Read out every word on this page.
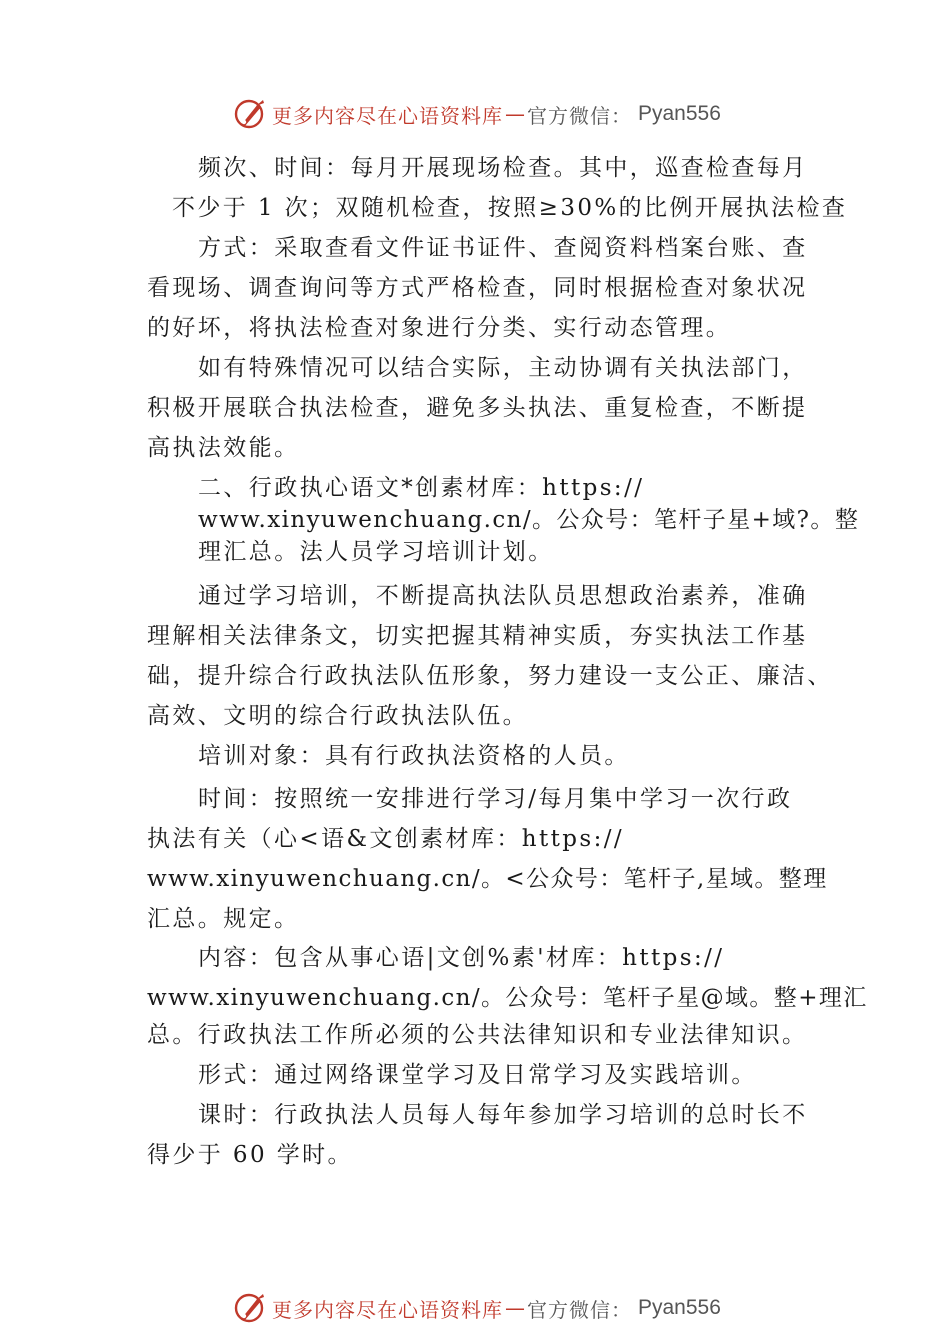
更多内容尽在心语资料库 — 官方微信： Pyan556
频次、时间：每月开展现场检查。其中，巡查检查每月
不少于 1 次；双随机检查，按照≥30%的比例开展执法检查
方式：采取查看文件证书证件、查阅资料档案台账、查
看现场、调查询问等方式严格检查，同时根据检查对象状况
的好坏，将执法检查对象进行分类、实行动态管理。
如有特殊情况可以结合实际，主动协调有关执法部门，
积极开展联合执法检查，避免多头执法、重复检查，不断提
高执法效能。
二、行政执心语文*创素材库：https://
www.xinyuwenchuang.cn/。公众号：笔杆子星+域?。整
理汇总。法人员学习培训计划。
通过学习培训，不断提高执法队员思想政治素养，准确
理解相关法律条文，切实把握其精神实质，夯实执法工作基
础，提升综合行政执法队伍形象，努力建设一支公正、廉洁、
高效、文明的综合行政执法队伍。
培训对象：具有行政执法资格的人员。
时间：按照统一安排进行学习/每月集中学习一次行政
执法有关（心<语&文创素材库：https://
www.xinyuwenchuang.cn/。<公众号：笔杆子,星域。整理
汇总。规定。
内容：包含从事心语|文创%素'材库：https://
www.xinyuwenchuang.cn/。公众号：笔杆子星@域。整+理汇
总。行政执法工作所必须的公共法律知识和专业法律知识。
形式：通过网络课堂学习及日常学习及实践培训。
课时：行政执法人员每人每年参加学习培训的总时长不
得少于 60 学时。
更多内容尽在心语资料库 — 官方微信： Pyan556
